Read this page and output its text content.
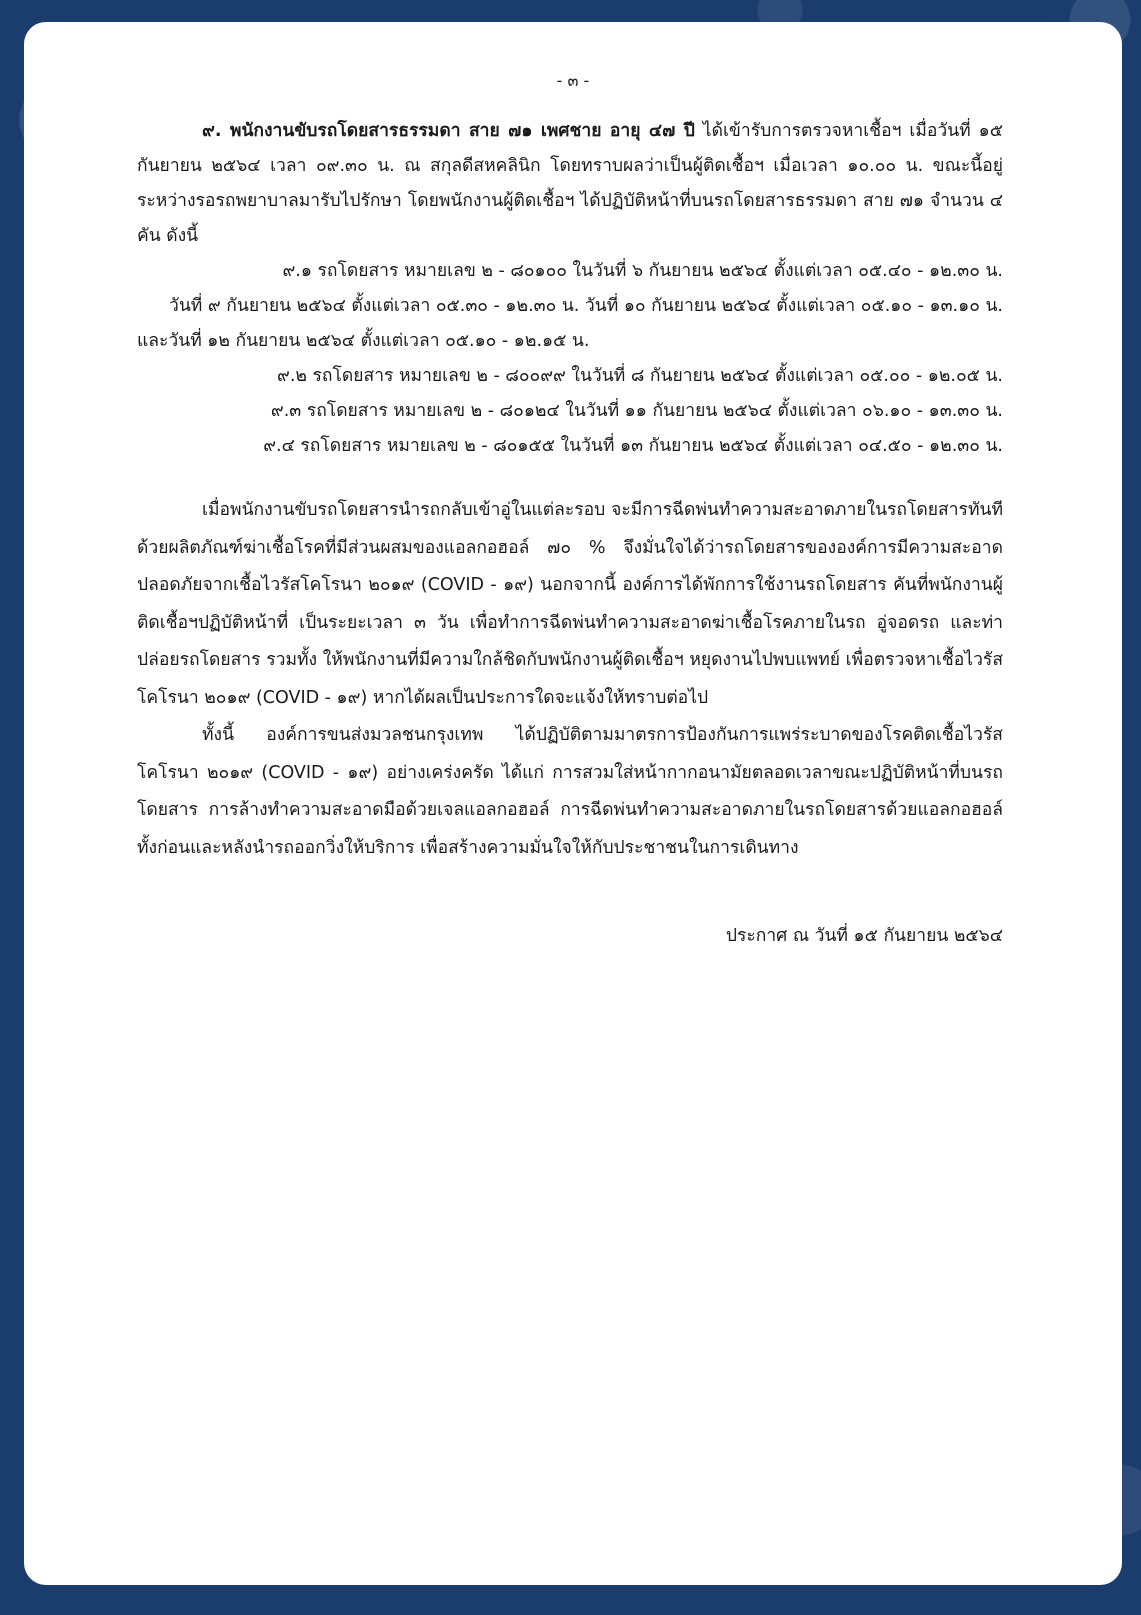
- ๓ -

๙. พนักงานขับรถโดยสารธรรมดา สาย ๗๑ เพศชาย อายุ ๔๗ ปี ได้เข้ารับการตรวจหาเชื้อฯ เมื่อวันที่ ๑๕ กันยายน ๒๕๖๔ เวลา ๐๙.๓๐ น. ณ สกุลดีสหคลินิก โดยทราบผลว่าเป็นผู้ติดเชื้อฯ เมื่อเวลา ๑๐.๐๐ น. ขณะนี้อยู่ระหว่างรอรถพยาบาลมารับไปรักษา โดยพนักงานผู้ติดเชื้อฯ ได้ปฏิบัติหน้าที่บนรถโดยสารธรรมดา สาย ๗๑ จำนวน ๔ คัน ดังนี้

๙.๑ รถโดยสาร หมายเลข ๒ - ๘๐๑๐๐ ในวันที่ ๖ กันยายน ๒๕๖๔ ตั้งแต่เวลา ๐๕.๔๐ - ๑๒.๓๐ น.

วันที่ ๙ กันยายน ๒๕๖๔ ตั้งแต่เวลา ๐๕.๓๐ - ๑๒.๓๐ น. วันที่ ๑๐ กันยายน ๒๕๖๔ ตั้งแต่เวลา ๐๕.๑๐ - ๑๓.๑๐ น.

และวันที่ ๑๒ กันยายน ๒๕๖๔ ตั้งแต่เวลา ๐๕.๑๐ - ๑๒.๑๕ น.

๙.๒ รถโดยสาร หมายเลข ๒ - ๘๐๐๙๙ ในวันที่ ๘ กันยายน ๒๕๖๔ ตั้งแต่เวลา ๐๕.๐๐ - ๑๒.๐๕ น.

๙.๓ รถโดยสาร หมายเลข ๒ - ๘๐๑๒๔ ในวันที่ ๑๑ กันยายน ๒๕๖๔ ตั้งแต่เวลา ๐๖.๑๐ - ๑๓.๓๐ น.

๙.๔ รถโดยสาร หมายเลข ๒ - ๘๐๑๕๕ ในวันที่ ๑๓ กันยายน ๒๕๖๔ ตั้งแต่เวลา ๐๔.๕๐ - ๑๒.๓๐ น.

เมื่อพนักงานขับรถโดยสารนำรถกลับเข้าอู่ในแต่ละรอบ จะมีการฉีดพ่นทำความสะอาดภายในรถโดยสารทันทีด้วยผลิตภัณฑ์ฆ่าเชื้อโรคที่มีส่วนผสมของแอลกอฮอล์ ๗๐ % จึงมั่นใจได้ว่ารถโดยสารขององค์การมีความสะอาด ปลอดภัยจากเชื้อไวรัสโคโรนา ๒๐๑๙ (COVID - ๑๙) นอกจากนี้ องค์การได้พักการใช้งานรถโดยสาร คันที่พนักงานผู้ติดเชื้อฯปฏิบัติหน้าที่ เป็นระยะเวลา ๓ วัน เพื่อทำการฉีดพ่นทำความสะอาดฆ่าเชื้อโรคภายในรถ อู่จอดรถ และท่าปล่อยรถโดยสาร รวมทั้ง ให้พนักงานที่มีความใกล้ชิดกับพนักงานผู้ติดเชื้อฯ หยุดงานไปพบแพทย์ เพื่อตรวจหาเชื้อไวรัสโคโรนา ๒๐๑๙ (COVID - ๑๙) หากได้ผลเป็นประการใดจะแจ้งให้ทราบต่อไป

ทั้งนี้ องค์การขนส่งมวลชนกรุงเทพ ได้ปฏิบัติตามมาตรการป้องกันการแพร่ระบาดของโรคติดเชื้อไวรัสโคโรนา ๒๐๑๙ (COVID - ๑๙) อย่างเคร่งครัด ได้แก่ การสวมใส่หน้ากากอนามัยตลอดเวลาขณะปฏิบัติหน้าที่บนรถโดยสาร การล้างทำความสะอาดมือด้วยเจลแอลกอฮอล์ การฉีดพ่นทำความสะอาดภายในรถโดยสารด้วยแอลกอฮอล์ ทั้งก่อนและหลังนำรถออกวิ่งให้บริการ เพื่อสร้างความมั่นใจให้กับประชาชนในการเดินทาง

ประกาศ ณ วันที่ ๑๕ กันยายน ๒๕๖๔
